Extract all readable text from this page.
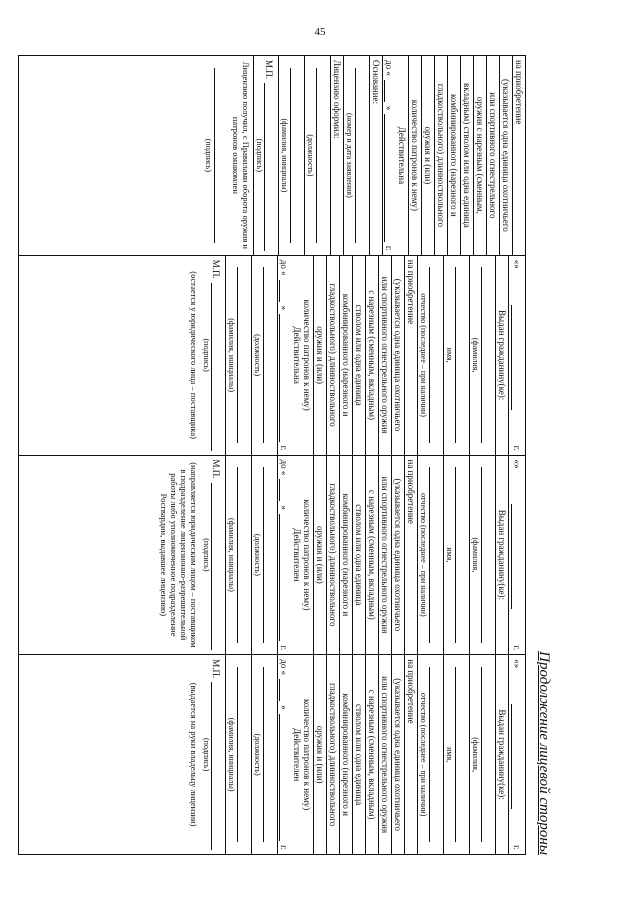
45
Продолжение лицевой стороны
на приобретение
(указывается одна единица охотничьего
или спортивного огнестрельного
оружия с нарезным (сменным,
вкладным) стволом или одна единица
комбинированного (нарезного и
гладкоствольного) длинноствольного
оружия и (или)
количество патронов к нему)
Действительна
до «
»
г.
Основание:
(номер и дата заявления)
Лицензию оформил:
(должность)
(фамилия, инициалы)
М.П.
(подпись)
Лицензию получил, с Правилами оборота оружия и патронов ознакомлен
(подпись)
«
»
г.
Выдан гражданину(ке):
(фамилия,
имя,
отчество (последнее – при наличии)
на приобретение
(указывается одна единица охотничьего
или спортивного огнестрельного оружия
с нарезным (сменным, вкладным)
стволом или одна единица
комбинированного (нарезного и
гладкоствольного) длинноствольного
оружия и (или)
количество патронов к нему)
Действительна
до «
»
г.
(должность)
(фамилия, инициалы)
М.П.
(подпись)
(остается у юридического лица – поставщика)
«
»
г.
Выдан гражданину(ке):
(фамилия,
имя,
отчество (последнее – при наличии)
на приобретение
(указывается одна единица охотничьего
или спортивного огнестрельного оружия
с нарезным (сменным, вкладным)
стволом или одна единица
комбинированного (нарезного и
гладкоствольного) длинноствольного
оружия и (или)
количество патронов к нему)
Действителен
до «
»
г.
(должность)
(фамилия, инициалы)
М.П.
(подпись)
(направляется юридическим лицом – поставщиком в подразделение лицензионно-разрешительной работы либо уполномоченное подразделение Росгвардии, выдавшее лицензию)
«
»
г.
Выдан гражданину(ке):
(фамилия,
имя,
отчество (последнее – при наличии)
на приобретение
(указывается одна единица охотничьего
или спортивного огнестрельного оружия
с нарезным (сменным, вкладным)
стволом или одна единица
комбинированного (нарезного и
гладкоствольного) длинноствольного
оружия и (или)
количество патронов к нему)
Действителен
до «
»
г.
(должность)
(фамилия, инициалы)
М.П.
(подпись)
(выдается на руки владельцу лицензии)
